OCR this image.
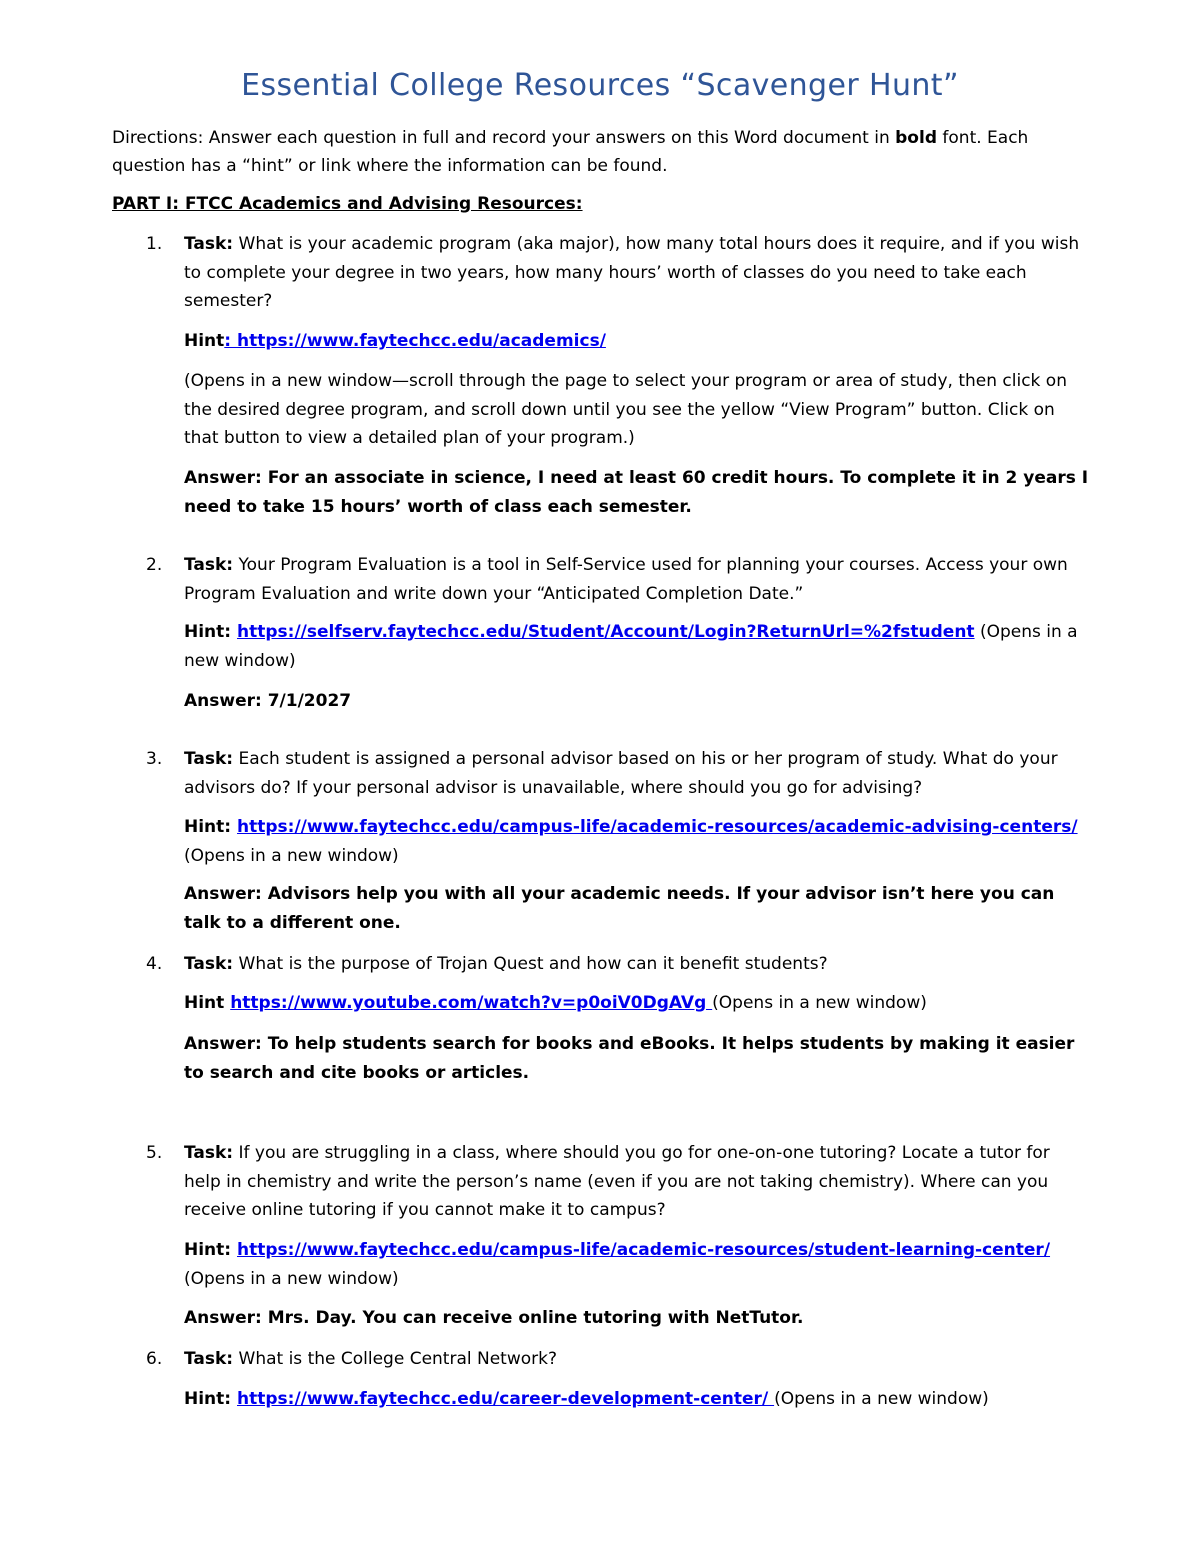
Essential College Resources “Scavenger Hunt”
Directions: Answer each question in full and record your answers on this Word document in bold font. Each question has a “hint” or link where the information can be found.
PART I: FTCC Academics and Advising Resources:
1. Task: What is your academic program (aka major), how many total hours does it require, and if you wish to complete your degree in two years, how many hours’ worth of classes do you need to take each semester?
Hint: https://www.faytechcc.edu/academics/
(Opens in a new window—scroll through the page to select your program or area of study, then click on the desired degree program, and scroll down until you see the yellow “View Program” button. Click on that button to view a detailed plan of your program.)
Answer: For an associate in science, I need at least 60 credit hours. To complete it in 2 years I need to take 15 hours’ worth of class each semester.
2. Task: Your Program Evaluation is a tool in Self-Service used for planning your courses. Access your own Program Evaluation and write down your “Anticipated Completion Date.”
Hint: https://selfserv.faytechcc.edu/Student/Account/Login?ReturnUrl=%2fstudent (Opens in a new window)
Answer: 7/1/2027
3. Task: Each student is assigned a personal advisor based on his or her program of study. What do your advisors do? If your personal advisor is unavailable, where should you go for advising?
Hint: https://www.faytechcc.edu/campus-life/academic-resources/academic-advising-centers/
(Opens in a new window)
Answer: Advisors help you with all your academic needs. If your advisor isn’t here you can talk to a different one.
4. Task: What is the purpose of Trojan Quest and how can it benefit students?
Hint https://www.youtube.com/watch?v=p0oiV0DgAVg (Opens in a new window)
Answer: To help students search for books and eBooks. It helps students by making it easier to search and cite books or articles.
5. Task: If you are struggling in a class, where should you go for one-on-one tutoring? Locate a tutor for help in chemistry and write the person’s name (even if you are not taking chemistry). Where can you receive online tutoring if you cannot make it to campus?
Hint: https://www.faytechcc.edu/campus-life/academic-resources/student-learning-center/ (Opens in a new window)
Answer: Mrs. Day. You can receive online tutoring with NetTutor.
6. Task: What is the College Central Network?
Hint: https://www.faytechcc.edu/career-development-center/ (Opens in a new window)
